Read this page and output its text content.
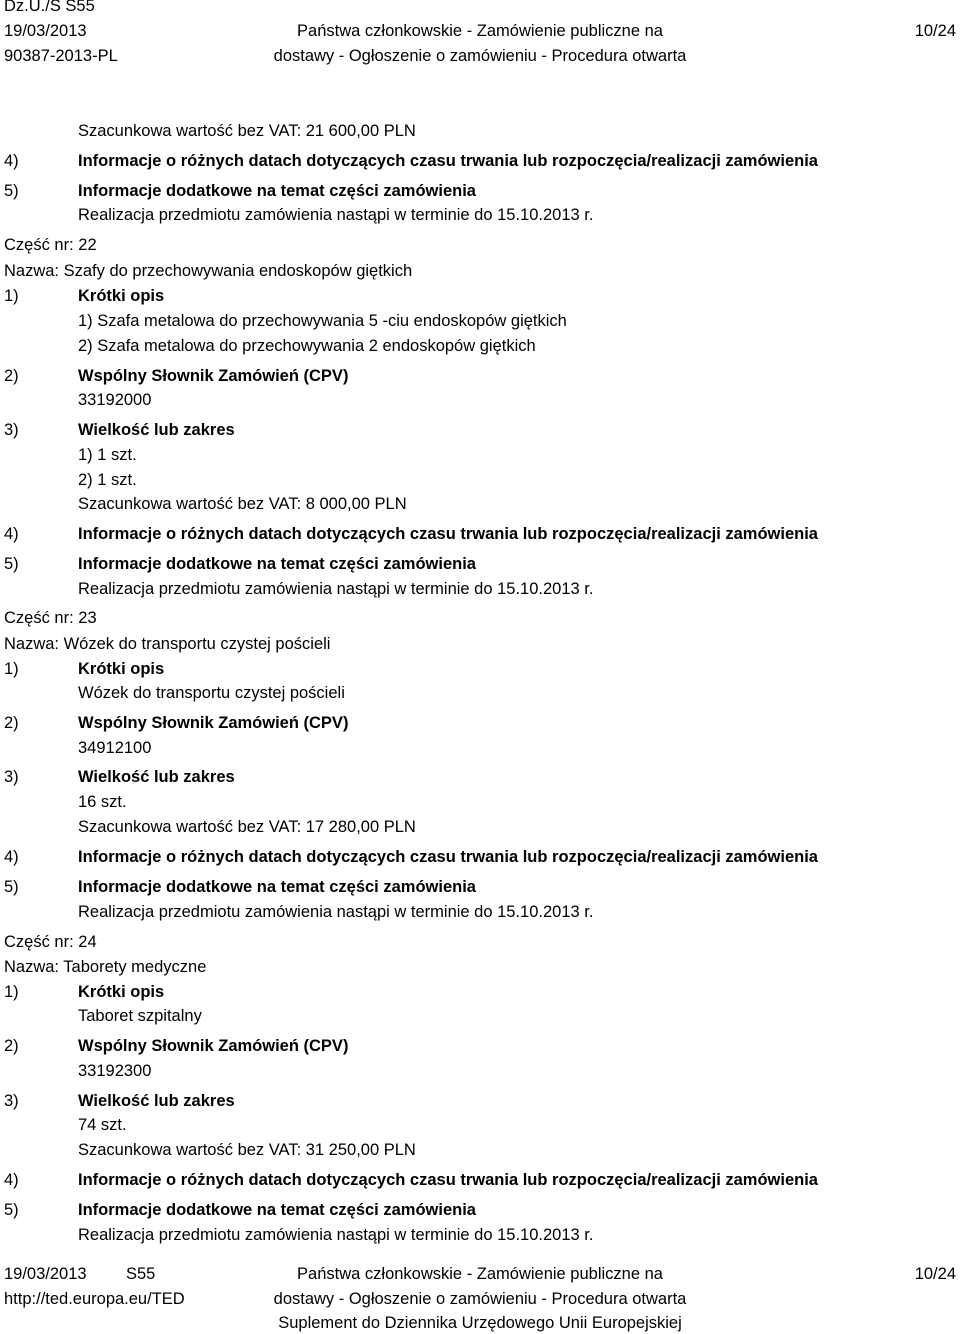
Dz.U./S S55
19/03/2013
90387-2013-PL
Państwa członkowskie - Zamówienie publiczne na
dostawy - Ogłoszenie o zamówieniu - Procedura otwarta
10/24
Szacunkowa wartość bez VAT: 21 600,00 PLN
4)	Informacje o różnych datach dotyczących czasu trwania lub rozpoczęcia/realizacji zamówienia
5)	Informacje dodatkowe na temat części zamówienia
Realizacja przedmiotu zamówienia nastąpi w terminie do 15.10.2013 r.
Część nr: 22
Nazwa: Szafy do przechowywania endoskopów giętkich
1)	Krótki opis
1) Szafa metalowa do przechowywania 5 -ciu endoskopów giętkich
2) Szafa metalowa do przechowywania 2 endoskopów giętkich
2)	Wspólny Słownik Zamówień (CPV)
33192000
3)	Wielkość lub zakres
1) 1 szt.
2) 1 szt.
Szacunkowa wartość bez VAT: 8 000,00 PLN
4)	Informacje o różnych datach dotyczących czasu trwania lub rozpoczęcia/realizacji zamówienia
5)	Informacje dodatkowe na temat części zamówienia
Realizacja przedmiotu zamówienia nastąpi w terminie do 15.10.2013 r.
Część nr: 23
Nazwa: Wózek do transportu czystej pościeli
1)	Krótki opis
Wózek do transportu czystej pościeli
2)	Wspólny Słownik Zamówień (CPV)
34912100
3)	Wielkość lub zakres
16 szt.
Szacunkowa wartość bez VAT: 17 280,00 PLN
4)	Informacje o różnych datach dotyczących czasu trwania lub rozpoczęcia/realizacji zamówienia
5)	Informacje dodatkowe na temat części zamówienia
Realizacja przedmiotu zamówienia nastąpi w terminie do 15.10.2013 r.
Część nr: 24
Nazwa: Taborety medyczne
1)	Krótki opis
Taboret szpitalny
2)	Wspólny Słownik Zamówień (CPV)
33192300
3)	Wielkość lub zakres
74 szt.
Szacunkowa wartość bez VAT: 31 250,00 PLN
4)	Informacje o różnych datach dotyczących czasu trwania lub rozpoczęcia/realizacji zamówienia
5)	Informacje dodatkowe na temat części zamówienia
Realizacja przedmiotu zamówienia nastąpi w terminie do 15.10.2013 r.
19/03/2013 S55
http://ted.europa.eu/TED
Państwa członkowskie - Zamówienie publiczne na
dostawy - Ogłoszenie o zamówieniu - Procedura otwarta
Suplement do Dziennika Urzędowego Unii Europejskiej
10/24
